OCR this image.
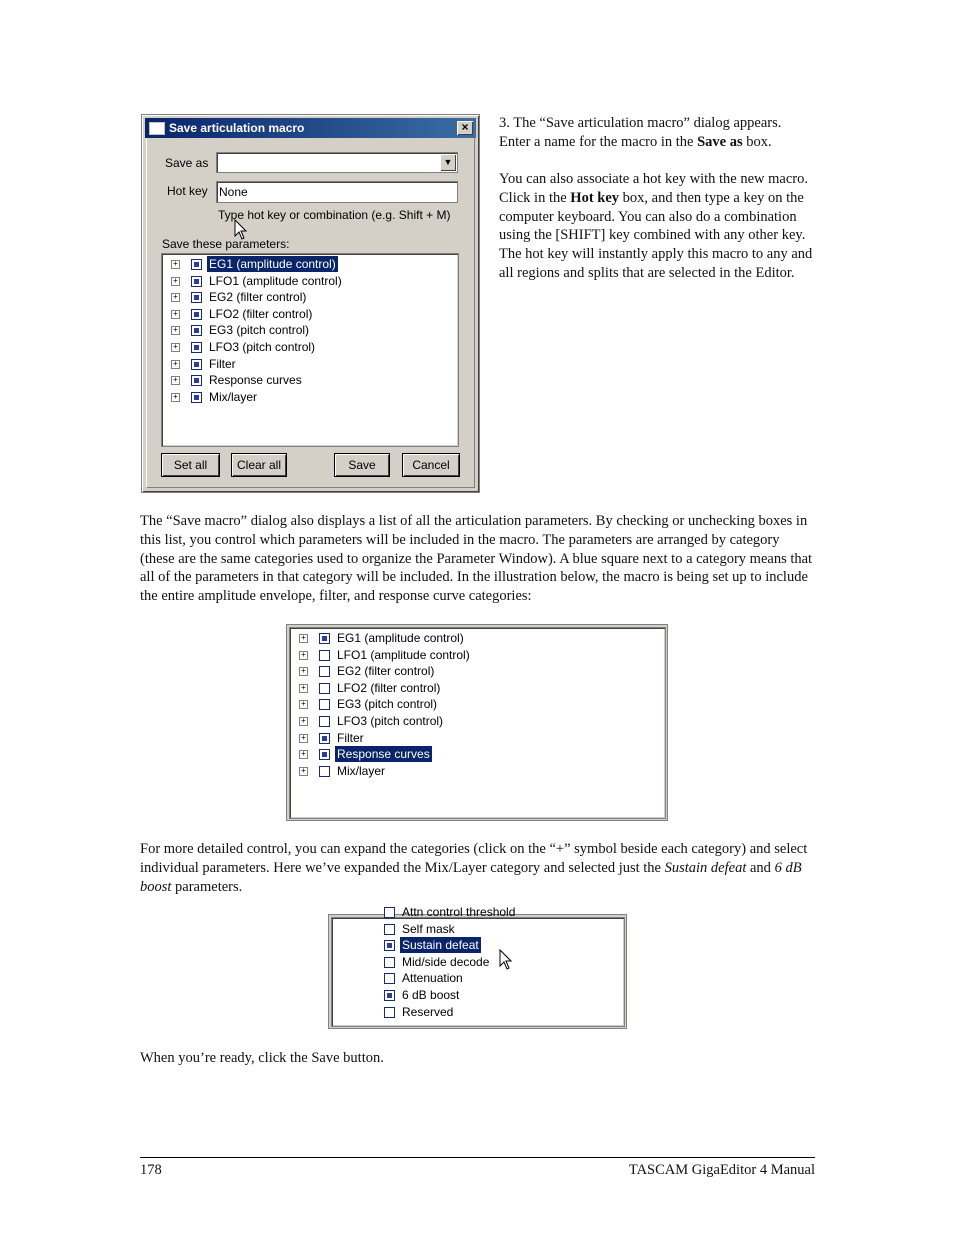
Save articulation macro	×
Save as	▼
Hot key None
Type hot key or combination (e.g. Shift + M)
Save these parameters:
+	EG1 (amplitude control)
+	LFO1 (amplitude control)
+	EG2 (filter control)
+	LFO2 (filter control)
+	EG3 (pitch control)
+	LFO3 (pitch control)
+	Filter
+	Response curves
+	Mix/layer
Set all	Clear all	Save	Cancel
3. The “Save articulation macro” dialog appears. Enter a name for the macro in the Save as box.
You can also associate a hot key with the new macro. Click in the Hot key box, and then type a key on the computer keyboard. You can also do a combination using the [SHIFT] key combined with any other key. The hot key will instantly apply this macro to any and all regions and splits that are selected in the Editor.
The “Save macro” dialog also displays a list of all the articulation parameters. By checking or unchecking boxes in this list, you control which parameters will be included in the macro. The parameters are arranged by category (these are the same categories used to organize the Parameter Window). A blue square next to a category means that all of the parameters in that category will be included. In the illustration below, the macro is being set up to include the entire amplitude envelope, filter, and response curve categories:
+	EG1 (amplitude control)
+	LFO1 (amplitude control)
+	EG2 (filter control)
+	LFO2 (filter control)
+	EG3 (pitch control)
+	LFO3 (pitch control)
+	Filter
+	Response curves
+	Mix/layer
For more detailed control, you can expand the categories (click on the “+” symbol beside each category) and select individual parameters. Here we’ve expanded the Mix/Layer category and selected just the Sustain defeat and 6 dB boost parameters.
Attn control threshold
Self mask
Sustain defeat
Mid/side decode
Attenuation
6 dB boost
Reserved
When you’re ready, click the Save button.
178	TASCAM GigaEditor 4 Manual
